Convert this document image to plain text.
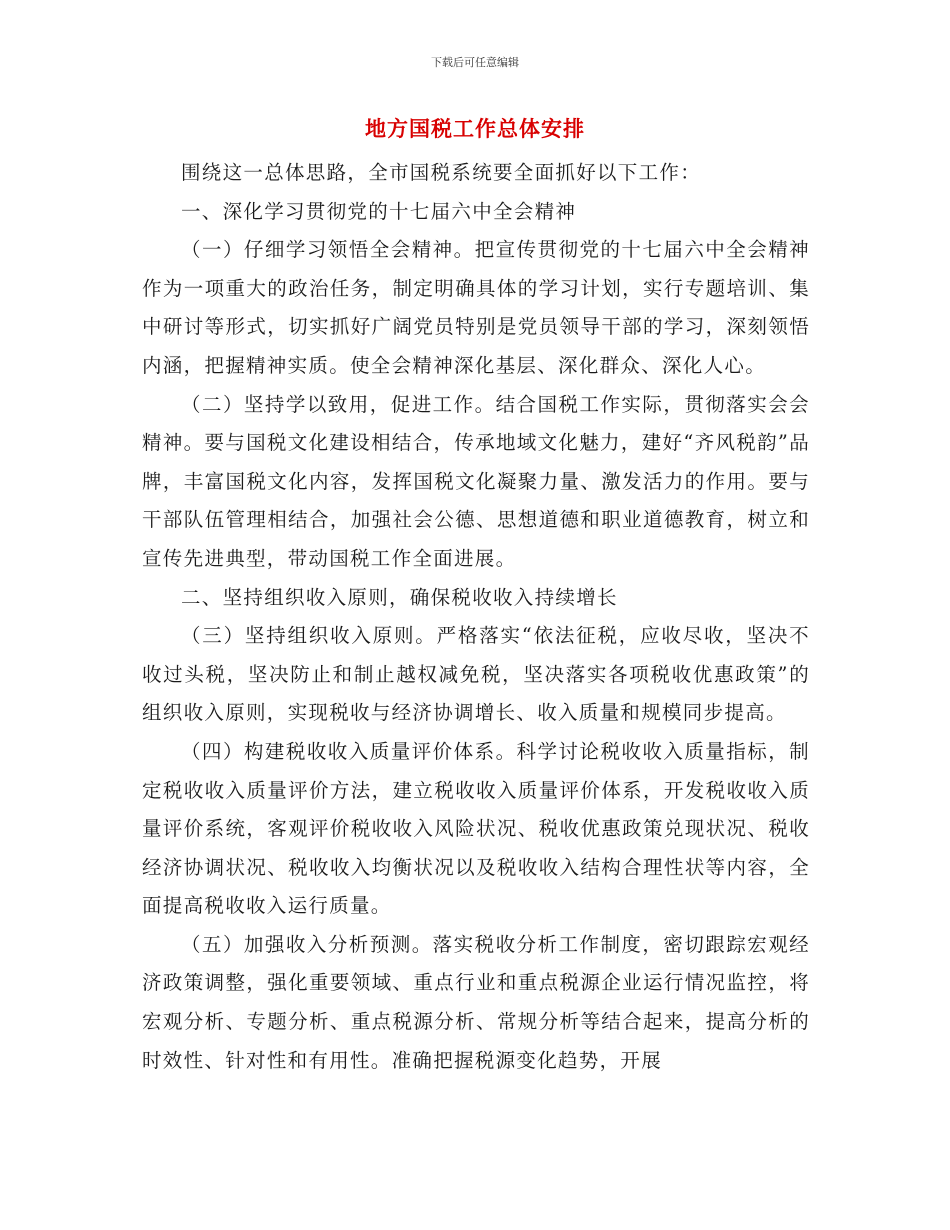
下载后可任意编辑
地方国税工作总体安排

围绕这一总体思路，全市国税系统要全面抓好以下工作：

一、深化学习贯彻党的十七届六中全会精神

（一）仔细学习领悟全会精神。把宣传贯彻党的十七届六中全会精神作为一项重大的政治任务，制定明确具体的学习计划，实行专题培训、集中研讨等形式，切实抓好广阔党员特别是党员领导干部的学习，深刻领悟内涵，把握精神实质。使全会精神深化基层、深化群众、深化人心。

（二）坚持学以致用，促进工作。结合国税工作实际，贯彻落实会会精神。要与国税文化建设相结合，传承地域文化魅力，建好“齐风税韵”品牌，丰富国税文化内容，发挥国税文化凝聚力量、激发活力的作用。要与干部队伍管理相结合，加强社会公德、思想道德和职业道德教育，树立和宣传先进典型，带动国税工作全面进展。

二、坚持组织收入原则，确保税收收入持续增长

（三）坚持组织收入原则。严格落实“依法征税，应收尽收，坚决不收过头税，坚决防止和制止越权减免税，坚决落实各项税收优惠政策”的组织收入原则，实现税收与经济协调增长、收入质量和规模同步提高。

（四）构建税收收入质量评价体系。科学讨论税收收入质量指标，制定税收收入质量评价方法，建立税收收入质量评价体系，开发税收收入质量评价系统，客观评价税收收入风险状况、税收优惠政策兑现状况、税收经济协调状况、税收收入均衡状况以及税收收入结构合理性状等内容，全面提高税收收入运行质量。

（五）加强收入分析预测。落实税收分析工作制度，密切跟踪宏观经济政策调整，强化重要领域、重点行业和重点税源企业运行情况监控，将宏观分析、专题分析、重点税源分析、常规分析等结合起来，提高分析的时效性、针对性和有用性。准确把握税源变化趋势，开展
